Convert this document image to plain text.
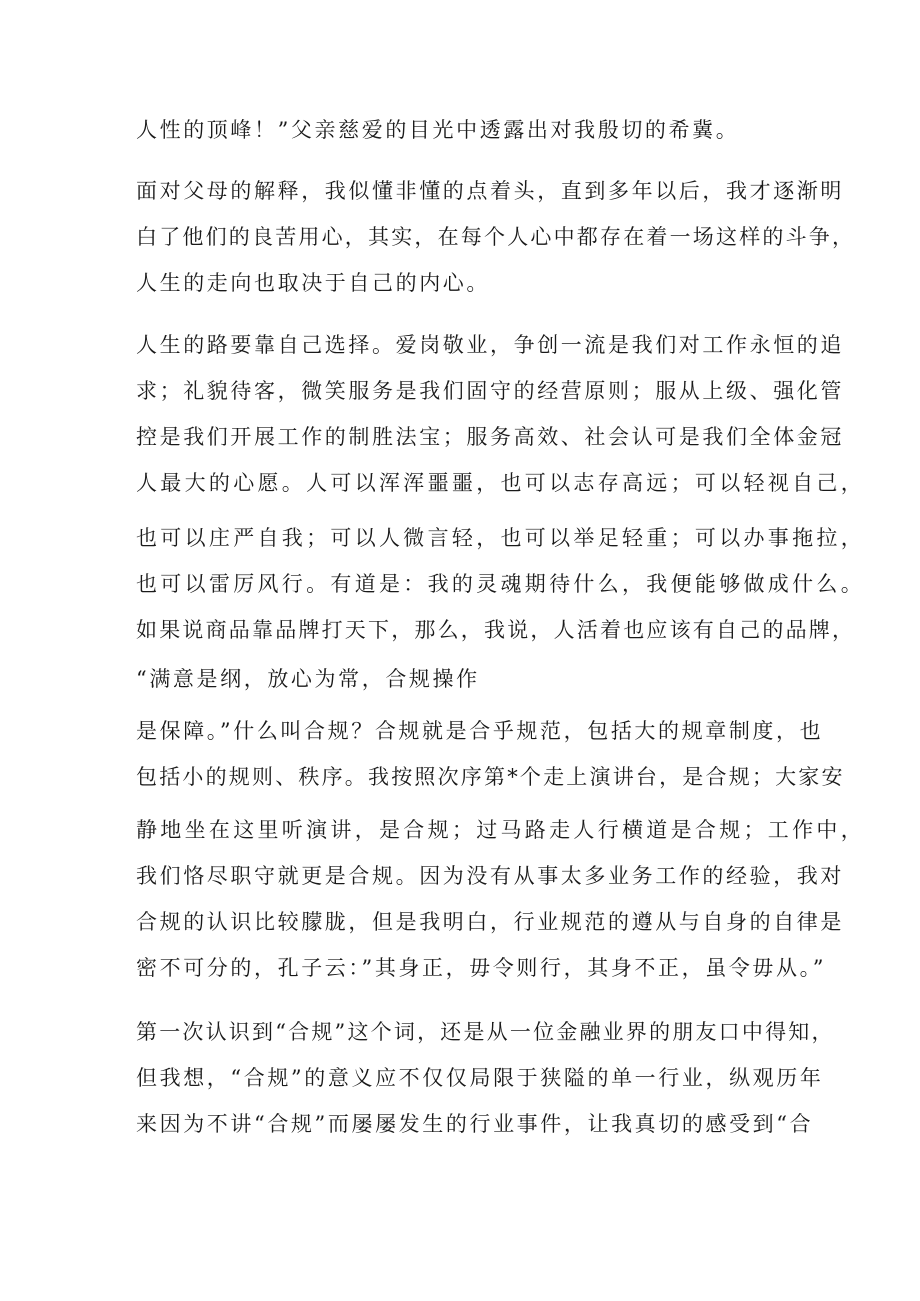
人性的顶峰！”父亲慈爱的目光中透露出对我殷切的希冀。
面对父母的解释，我似懂非懂的点着头，直到多年以后，我才逐渐明
白了他们的良苦用心，其实，在每个人心中都存在着一场这样的斗争，
人生的走向也取决于自己的内心。
人生的路要靠自己选择。爱岗敬业，争创一流是我们对工作永恒的追
求；礼貌待客，微笑服务是我们固守的经营原则；服从上级、强化管
控是我们开展工作的制胜法宝；服务高效、社会认可是我们全体金冠
人最大的心愿。人可以浑浑噩噩，也可以志存高远；可以轻视自己，
也可以庄严自我；可以人微言轻，也可以举足轻重；可以办事拖拉，
也可以雷厉风行。有道是：我的灵魂期待什么，我便能够做成什么。
如果说商品靠品牌打天下，那么，我说，人活着也应该有自己的品牌，
“满意是纲，放心为常，合规操作
是保障。”什么叫合规？合规就是合乎规范，包括大的规章制度，也
包括小的规则、秩序。我按照次序第*个走上演讲台，是合规；大家安
静地坐在这里听演讲，是合规；过马路走人行横道是合规；工作中，
我们恪尽职守就更是合规。因为没有从事太多业务工作的经验，我对
合规的认识比较朦胧，但是我明白，行业规范的遵从与自身的自律是
密不可分的，孔子云：”其身正，毋令则行，其身不正，虽令毋从。”
第一次认识到“合规”这个词，还是从一位金融业界的朋友口中得知，
但我想，“合规”的意义应不仅仅局限于狭隘的单一行业，纵观历年
来因为不讲“合规”而屡屡发生的行业事件，让我真切的感受到“合
